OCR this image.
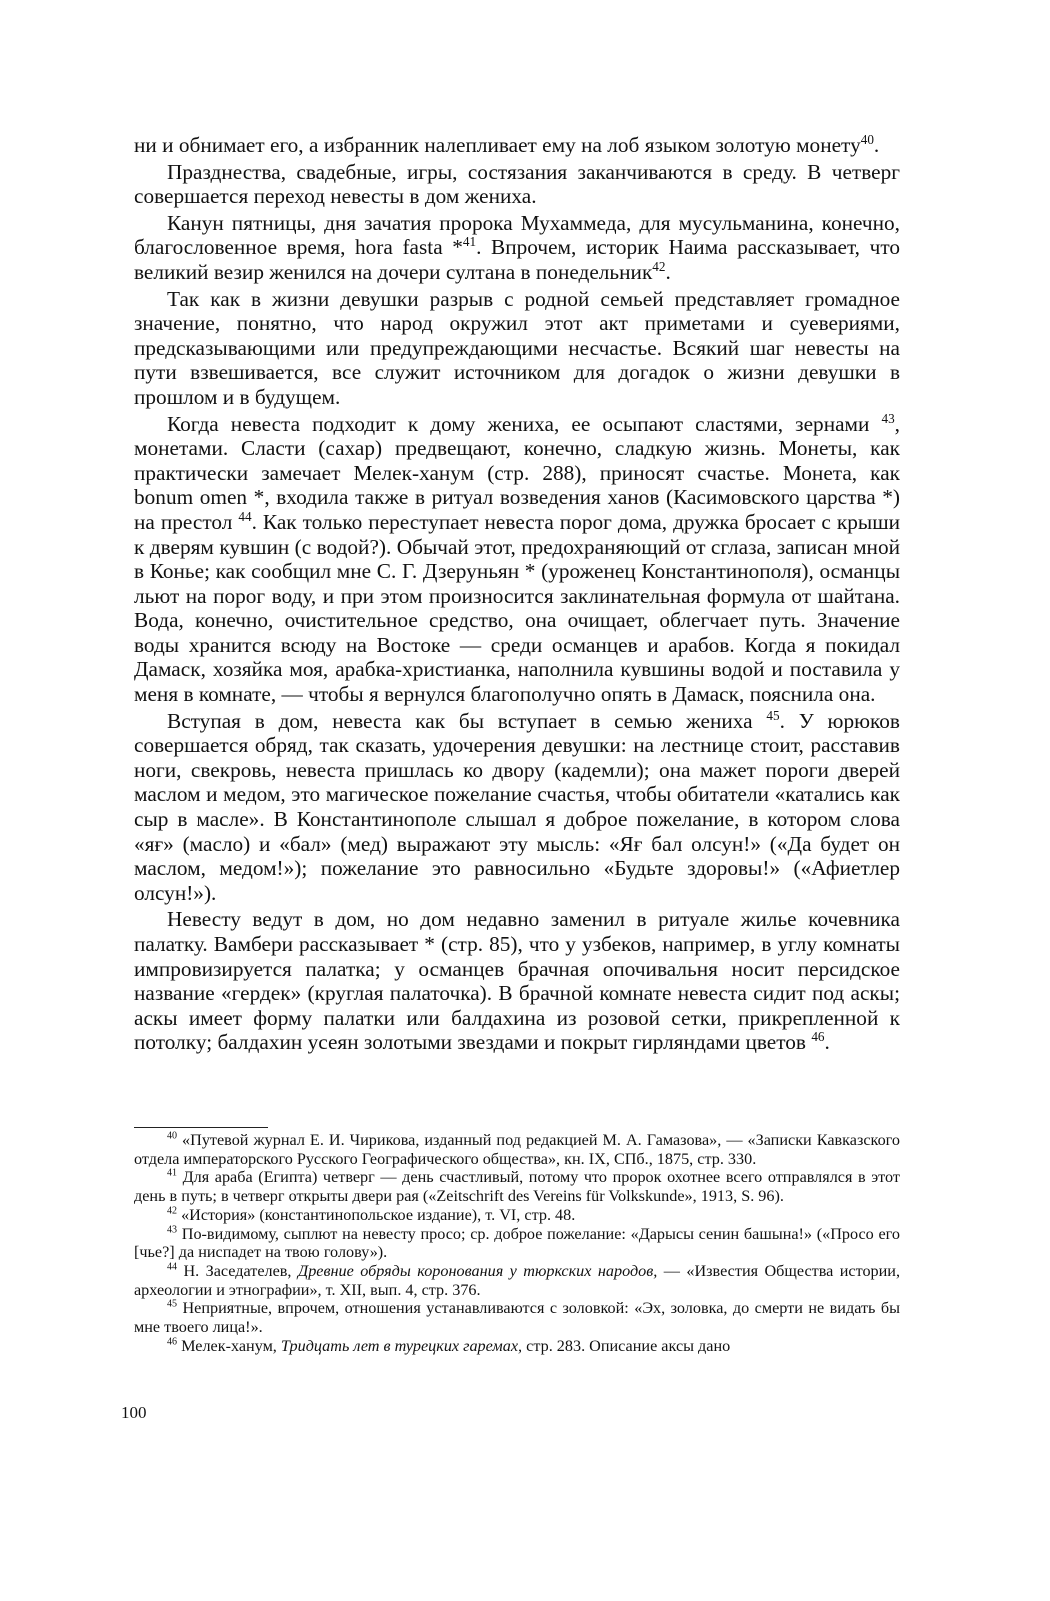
ни и обнимает его, а избранник налепливает ему на лоб языком золотую монету$^{40}$.

Празднества, свадебные, игры, состязания заканчиваются в среду. В четверг совершается переход невесты в дом жениха.

Канун пятницы, дня зачатия пророка Мухаммеда, для мусульманина, конечно, благословенное время, hora fasta *$^{41}$. Впрочем, историк Наима рассказывает, что великий везир женился на дочери султана в понедельник$^{42}$.

Так как в жизни девушки разрыв с родной семьей представляет громадное значение, понятно, что народ окружил этот акт приметами и суевериями, предсказывающими или предупреждающими несчастье. Всякий шаг невесты на пути взвешивается, все служит источником для догадок о жизни девушки в прошлом и в будущем.

Когда невеста подходит к дому жениха, ее осыпают сластями, зернами $^{43}$, монетами. Сласти (сахар) предвещают, конечно, сладкую жизнь. Монеты, как практически замечает Мелек-ханум (стр. 288), приносят счастье. Монета, как bonum omen *, входила также в ритуал возведения ханов (Касимовского царства *) на престол $^{44}$. Как только переступает невеста порог дома, дружка бросает с крыши к дверям кувшин (с водой?). Обычай этот, предохраняющий от сглаза, записан мной в Конье; как сообщил мне С. Г. Дзеруньян * (уроженец Константинополя), османцы льют на порог воду, и при этом произносится заклинательная формула от шайтана. Вода, конечно, очистительное средство, она очищает, облегчает путь. Значение воды хранится всюду на Востоке — среди османцев и арабов. Когда я покидал Дамаск, хозяйка моя, арабка-христианка, наполнила кувшины водой и поставила у меня в комнате, — чтобы я вернулся благополучно опять в Дамаск, пояснила она.

Вступая в дом, невеста как бы вступает в семью жениха $^{45}$. У юрюков совершается обряд, так сказать, удочерения девушки: на лестнице стоит, расставив ноги, свекровь, невеста пришлась ко двору (кадемли); она мажет пороги дверей маслом и медом, это магическое пожелание счастья, чтобы обитатели «катались как сыр в масле». В Константинополе слышал я доброе пожелание, в котором слова «яғ» (масло) и «бал» (мед) выражают эту мысль: «Яғ бал олсун!» («Да будет он маслом, медом!»); пожелание это равносильно «Будьте здоровы!» («Афиетлер олсун!»).

Невесту ведут в дом, но дом недавно заменил в ритуале жилье кочевника палатку. Вамбери рассказывает * (стр. 85), что у узбеков, например, в углу комнаты импровизируется палатка; у османцев брачная опочивальня носит персидское название «гердек» (круглая палаточка). В брачной комнате невеста сидит под аскы; аскы имеет форму палатки или балдахина из розовой сетки, прикрепленной к потолку; балдахин усеян золотыми звездами и покрыт гирляндами цветов $^{46}$.

$^{40}$ «Путевой журнал Е. И. Чирикова, изданный под редакцией М. А. Гамазова», — «Записки Кавказского отдела императорского Русского Географического общества», кн. IX, СПб., 1875, стр. 330.

$^{41}$ Для араба (Египта) четверг — день счастливый, потому что пророк охотнее всего отправлялся в этот день в путь; в четверг открыты двери рая («Zeitschrift des Vereins für Volkskunde», 1913, S. 96).

$^{42}$ «История» (константинопольское издание), т. VI, стр. 48.

$^{43}$ По-видимому, сыплют на невесту просо; ср. доброе пожелание: «Дарысы сенин башына!» («Просо его [чье?] да ниспадет на твою голову»).

$^{44}$ Н. Заседателев, Древние обряды коронования у тюркских народов, — «Известия Общества истории, археологии и этнографии», т. XII, вып. 4, стр. 376.

$^{45}$ Неприятные, впрочем, отношения устанавливаются с золовкой: «Эх, золовка, до смерти не видать бы мне твоего лица!».

$^{46}$ Мелек-ханум, Тридцать лет в турецких гаремах, стр. 283. Описание аксы дано

100
